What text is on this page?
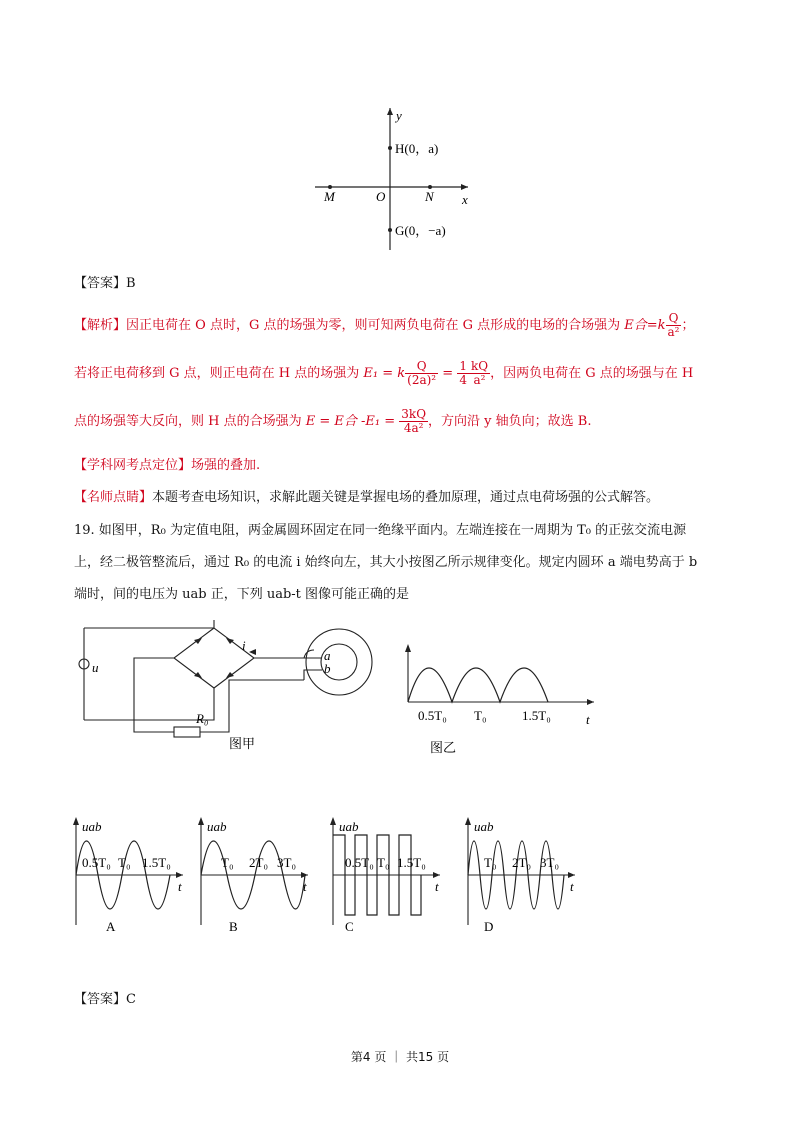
y
x
O
M	N
H(0，a)
G(0，−a)
【答案】B
【解析】因正电荷在 O 点时，G 点的场强为零，则可知两负电荷在 G 点形成的电场的合场强为 E合$=k \frac{Q}{\text{a²}}$ ；
若将正电荷移到 G 点，则正电荷在 H 点的场强为 E₁ = k $\frac{Q}{\text{(2a)²}} = \frac{1}{4} \frac{kQ}{\text{a²}}$ ，因两负电荷在 G 点的场强与在 H
点的场强等大反向，则 H 点的合场强为 E = E合 $-E_1 = \frac{3kQ}{\text{4a²}}$ ，方向沿 y 轴负向；故选 B.
【学科网考点定位】场强的叠加.
【名师点睛】本题考查电场知识，求解此题关键是掌握电场的叠加原理，通过点电荷场强的公式解答。
19. 如图甲，R₀ 为定值电阻，两金属圆环固定在同一绝缘平面内。左端连接在一周期为 T₀ 的正弦交流电源
上，经二极管整流后，通过 R₀ 的电流 i 始终向左，其大小按图乙所示规律变化。规定内圆环 a 端电势高于 b
端时，间的电压为 uab 正，下列 uab-t 图像可能正确的是
u
i
R₀
a
b
图甲
0.5T₀ T₀	1.5T₀	t
图乙
uab
0.5T₀ T₀ 1.5T₀
t
A
uab
T₀ 2T₀ 3T₀
t
B
uab
0.5T₀ T₀ 1.5T₀
t
C
uab
T₀ 2T₀ 3T₀
t
D
【答案】C
第4 页 ｜ 共15 页
